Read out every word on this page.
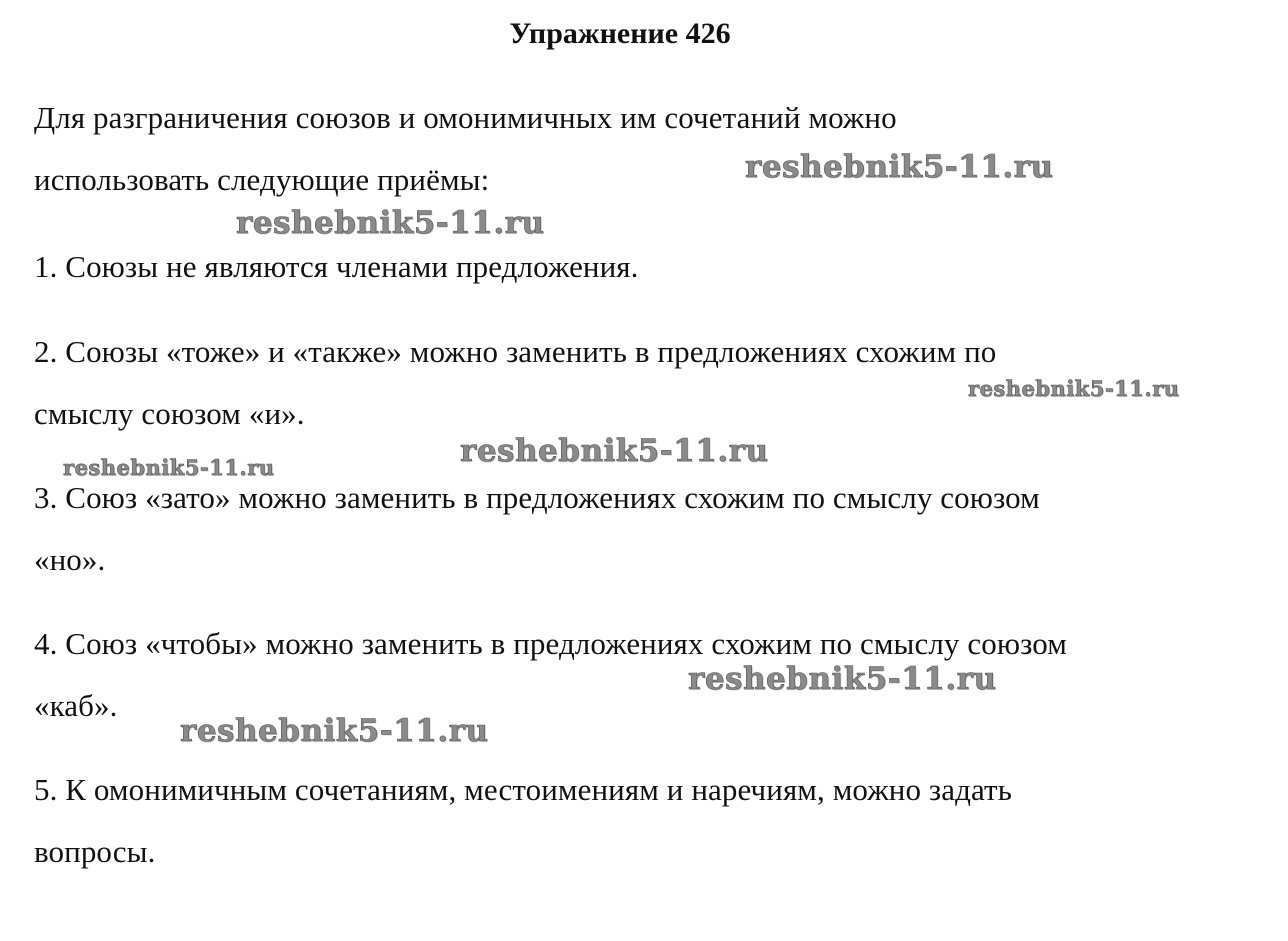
Упражнение 426
Для разграничения союзов и омонимичных им сочетаний можно
использовать следующие приёмы:
1. Союзы не являются членами предложения.
2. Союзы «тоже» и «также» можно заменить в предложениях схожим по
смыслу союзом «и».
3. Союз «зато» можно заменить в предложениях схожим по смыслу союзом
«но».
4. Союз «чтобы» можно заменить в предложениях схожим по смыслу союзом
«каб».
5. К омонимичным сочетаниям, местоимениям и наречиям, можно задать
вопросы.
reshebnik5-11.ru
reshebnik5-11.ru
reshebnik5-11.ru
reshebnik5-11.ru
reshebnik5-11.ru
reshebnik5-11.ru
reshebnik5-11.ru
